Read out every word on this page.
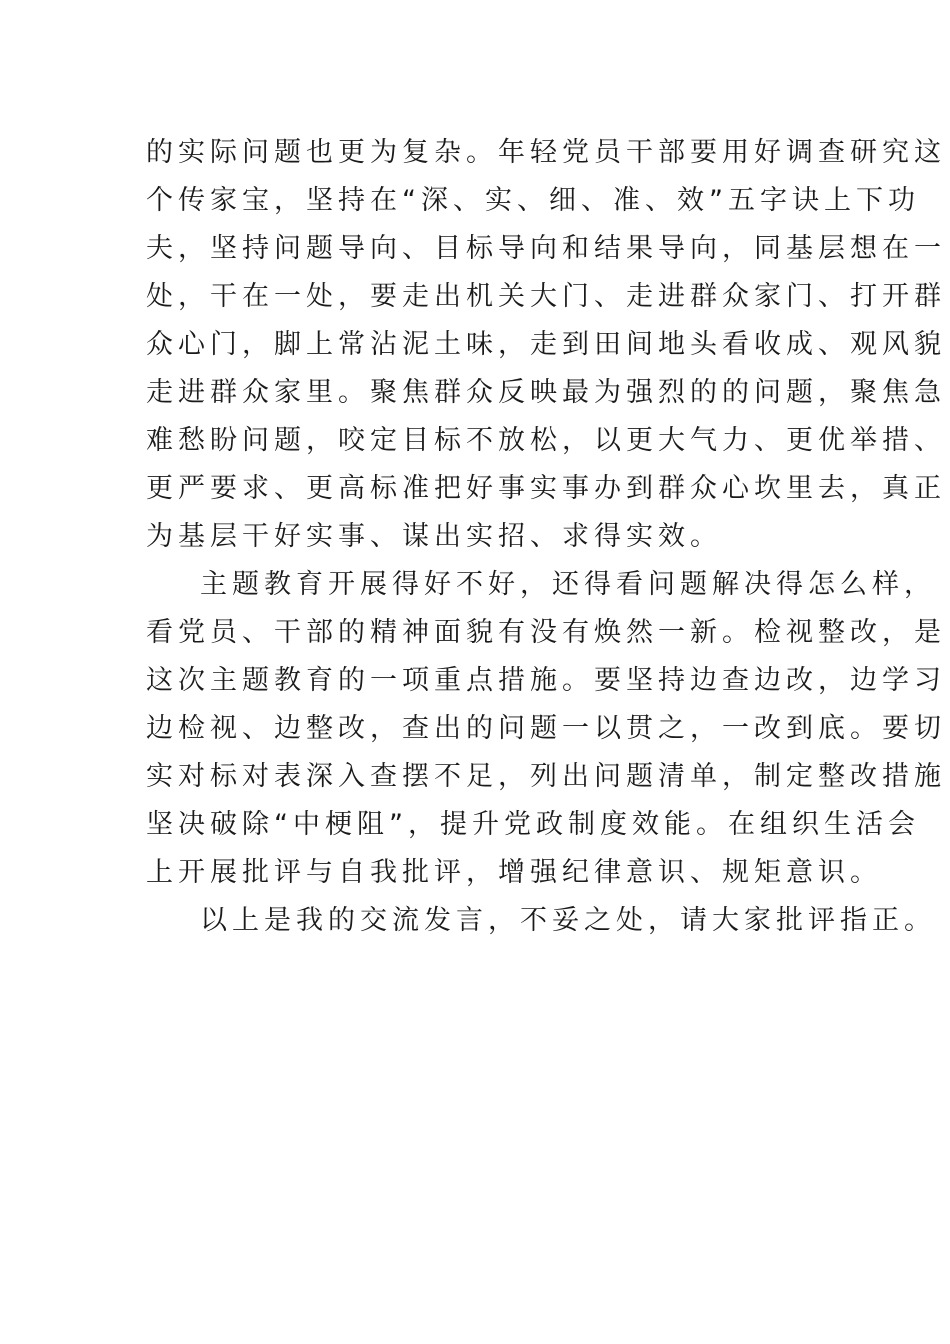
的实际问题也更为复杂。年轻党员干部要用好调查研究这
个传家宝，坚持在“深、实、细、准、效”五字诀上下功
夫，坚持问题导向、目标导向和结果导向，同基层想在一
处，干在一处，要走出机关大门、走进群众家门、打开群
众心门，脚上常沾泥土味，走到田间地头看收成、观风貌
走进群众家里。聚焦群众反映最为强烈的的问题，聚焦急
难愁盼问题，咬定目标不放松，以更大气力、更优举措、
更严要求、更高标准把好事实事办到群众心坎里去，真正
为基层干好实事、谋出实招、求得实效。
主题教育开展得好不好，还得看问题解决得怎么样，
看党员、干部的精神面貌有没有焕然一新。检视整改，是
这次主题教育的一项重点措施。要坚持边查边改，边学习
边检视、边整改，查出的问题一以贯之，一改到底。要切
实对标对表深入查摆不足，列出问题清单，制定整改措施
坚决破除“中梗阻”，提升党政制度效能。在组织生活会
上开展批评与自我批评，增强纪律意识、规矩意识。
以上是我的交流发言，不妥之处，请大家批评指正。
